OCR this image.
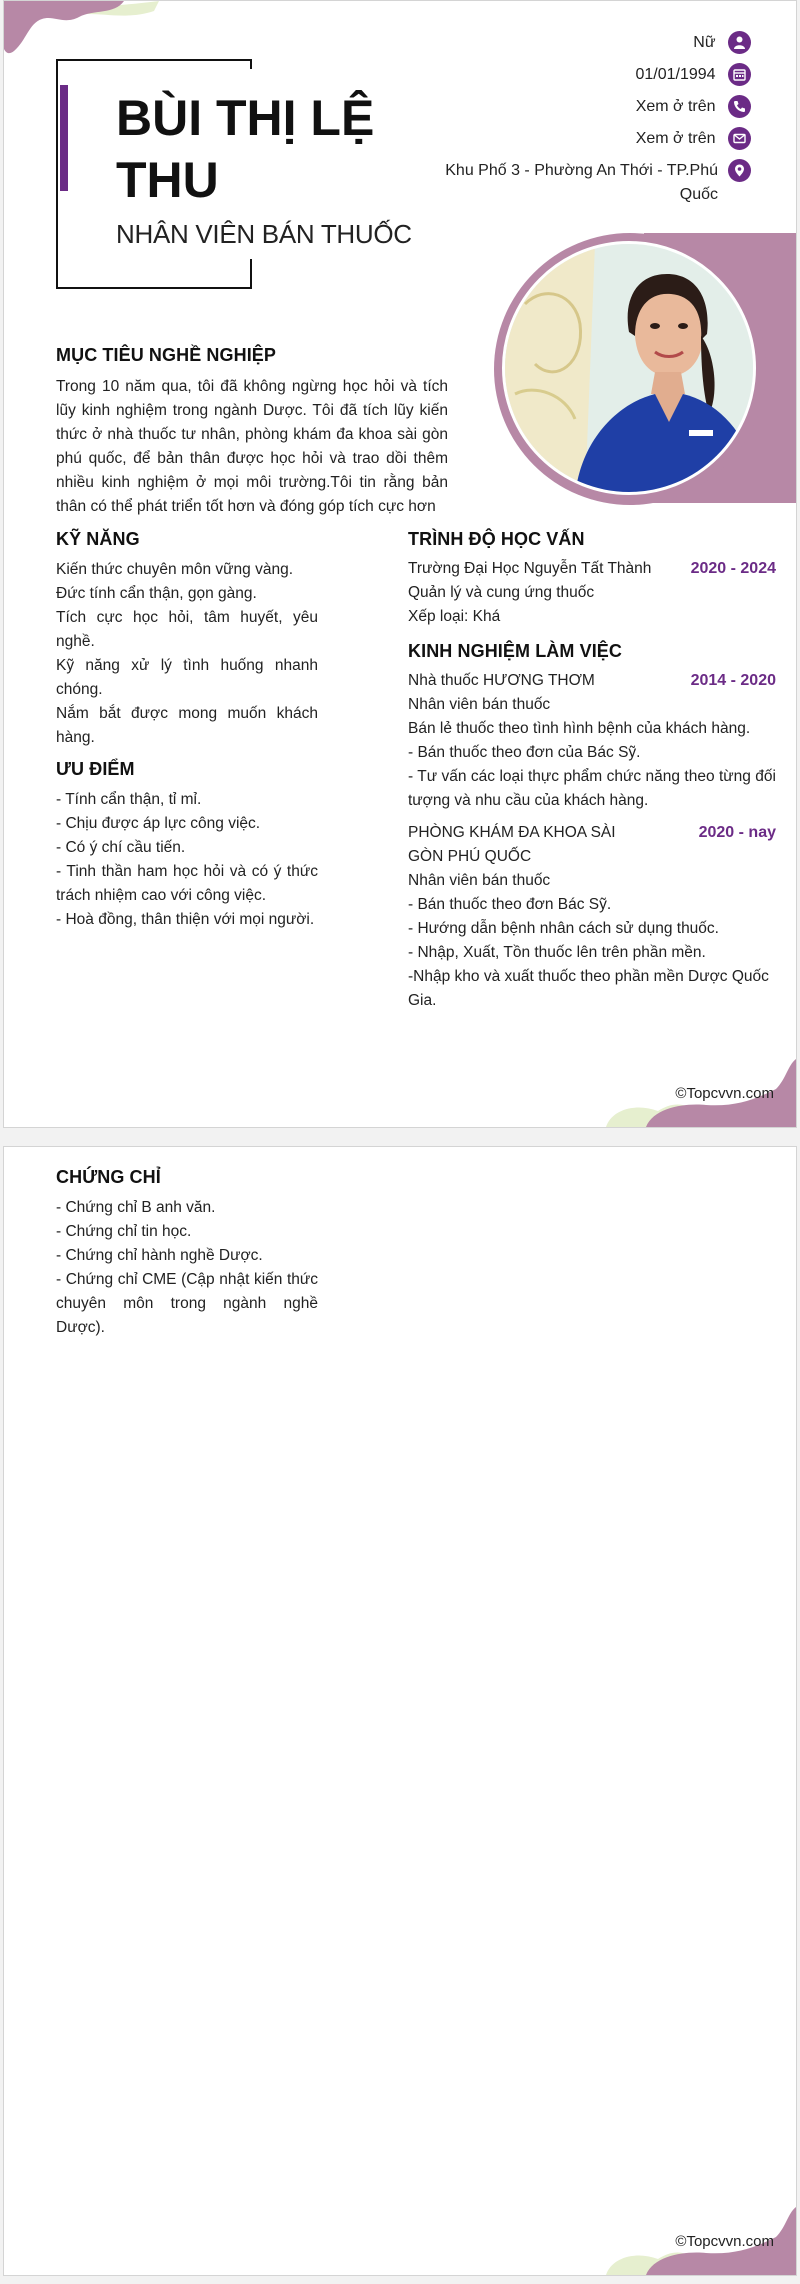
BÙI THỊ LỆ THU
NHÂN VIÊN BÁN THUỐC
Nữ
01/01/1994
Xem ở trên
Xem ở trên
Khu Phố 3 - Phường An Thới - TP.Phú Quốc
MỤC TIÊU NGHỀ NGHIỆP
Trong 10 năm qua, tôi đã không ngừng học hỏi và tích lũy kinh nghiệm trong ngành Dược. Tôi đã tích lũy kiến thức ở nhà thuốc tư nhân, phòng khám đa khoa sài gòn phú quốc, để bản thân được học hỏi và trao dồi thêm nhiều kinh nghiệm ở mọi môi trường.Tôi tin rằng bản thân có thể phát triển tốt hơn và đóng góp tích cực hơn
KỸ NĂNG
Kiến thức chuyên môn vững vàng.
Đức tính cẩn thận, gọn gàng.
Tích cực học hỏi, tâm huyết, yêu nghề.
Kỹ năng xử lý tình huống nhanh chóng.
Nắm bắt được mong muốn khách hàng.
ƯU ĐIỂM
- Tính cẩn thận, tỉ mỉ.
- Chịu được áp lực công việc.
- Có ý chí cầu tiến.
- Tinh thần ham học hỏi và có ý thức trách nhiệm cao với công việc.
- Hoà đồng, thân thiện với mọi người.
TRÌNH ĐỘ HỌC VẤN
Trường Đại Học Nguyễn Tất Thành 2020 - 2024
Quản lý và cung ứng thuốc
Xếp loại: Khá
KINH NGHIỆM LÀM VIỆC
Nhà thuốc HƯƠNG THƠM	2014 - 2020
Nhân viên bán thuốc
Bán lẻ thuốc theo tình hình bệnh của khách hàng.
- Bán thuốc theo đơn của Bác Sỹ.
- Tư vấn các loại thực phẩm chức năng theo từng đối tượng và nhu cầu của khách hàng.
PHÒNG KHÁM ĐA KHOA SÀI GÒN PHÚ QUỐC
2020 - nay
Nhân viên bán thuốc
- Bán thuốc theo đơn Bác Sỹ.
- Hướng dẫn bệnh nhân cách sử dụng thuốc.
- Nhập, Xuất, Tồn thuốc lên trên phần mền.
-Nhập kho và xuất thuốc theo phần mền Dược Quốc Gia.
©Topcvvn.com
CHỨNG CHỈ
- Chứng chỉ B anh văn.
- Chứng chỉ tin học.
- Chứng chỉ hành nghề Dược.
- Chứng chỉ CME (Cập nhật kiến thức chuyên môn trong ngành nghề Dược).
©Topcvvn.com
